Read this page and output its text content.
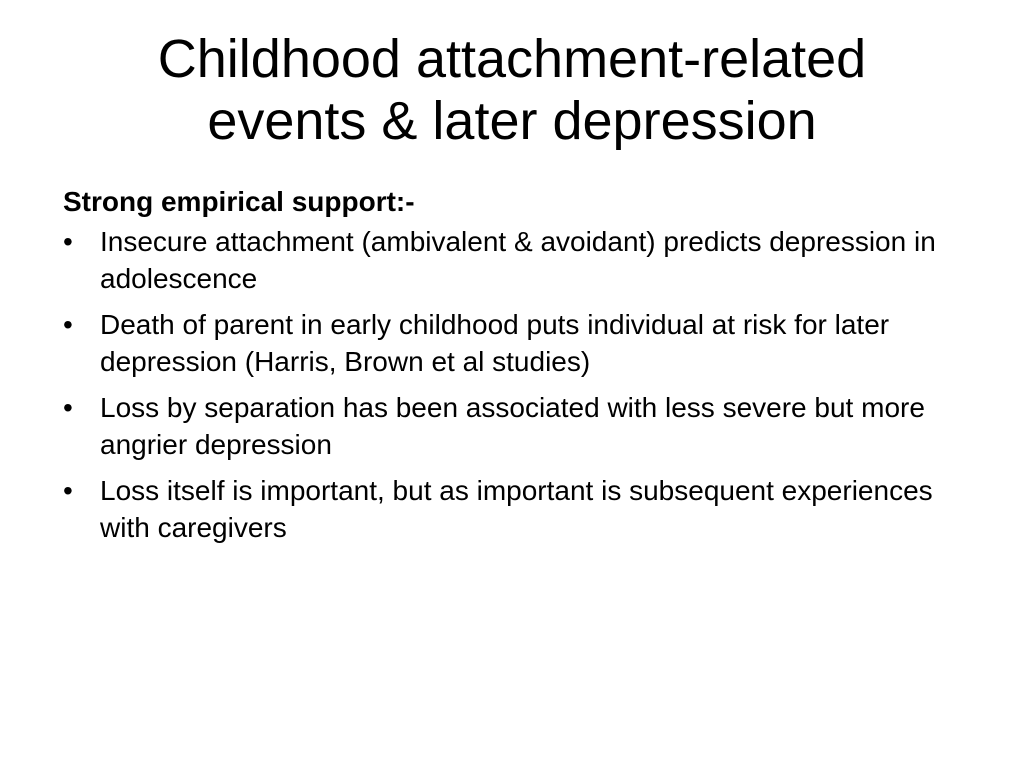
Childhood attachment-related
events & later depression

Strong empirical support:-

• Insecure attachment (ambivalent & avoidant) predicts depression in adolescence
• Death of parent in early childhood puts individual at risk for later depression (Harris, Brown et al studies)
• Loss by separation has been associated with less severe but more angrier depression
• Loss itself is important, but as important is subsequent experiences with caregivers
